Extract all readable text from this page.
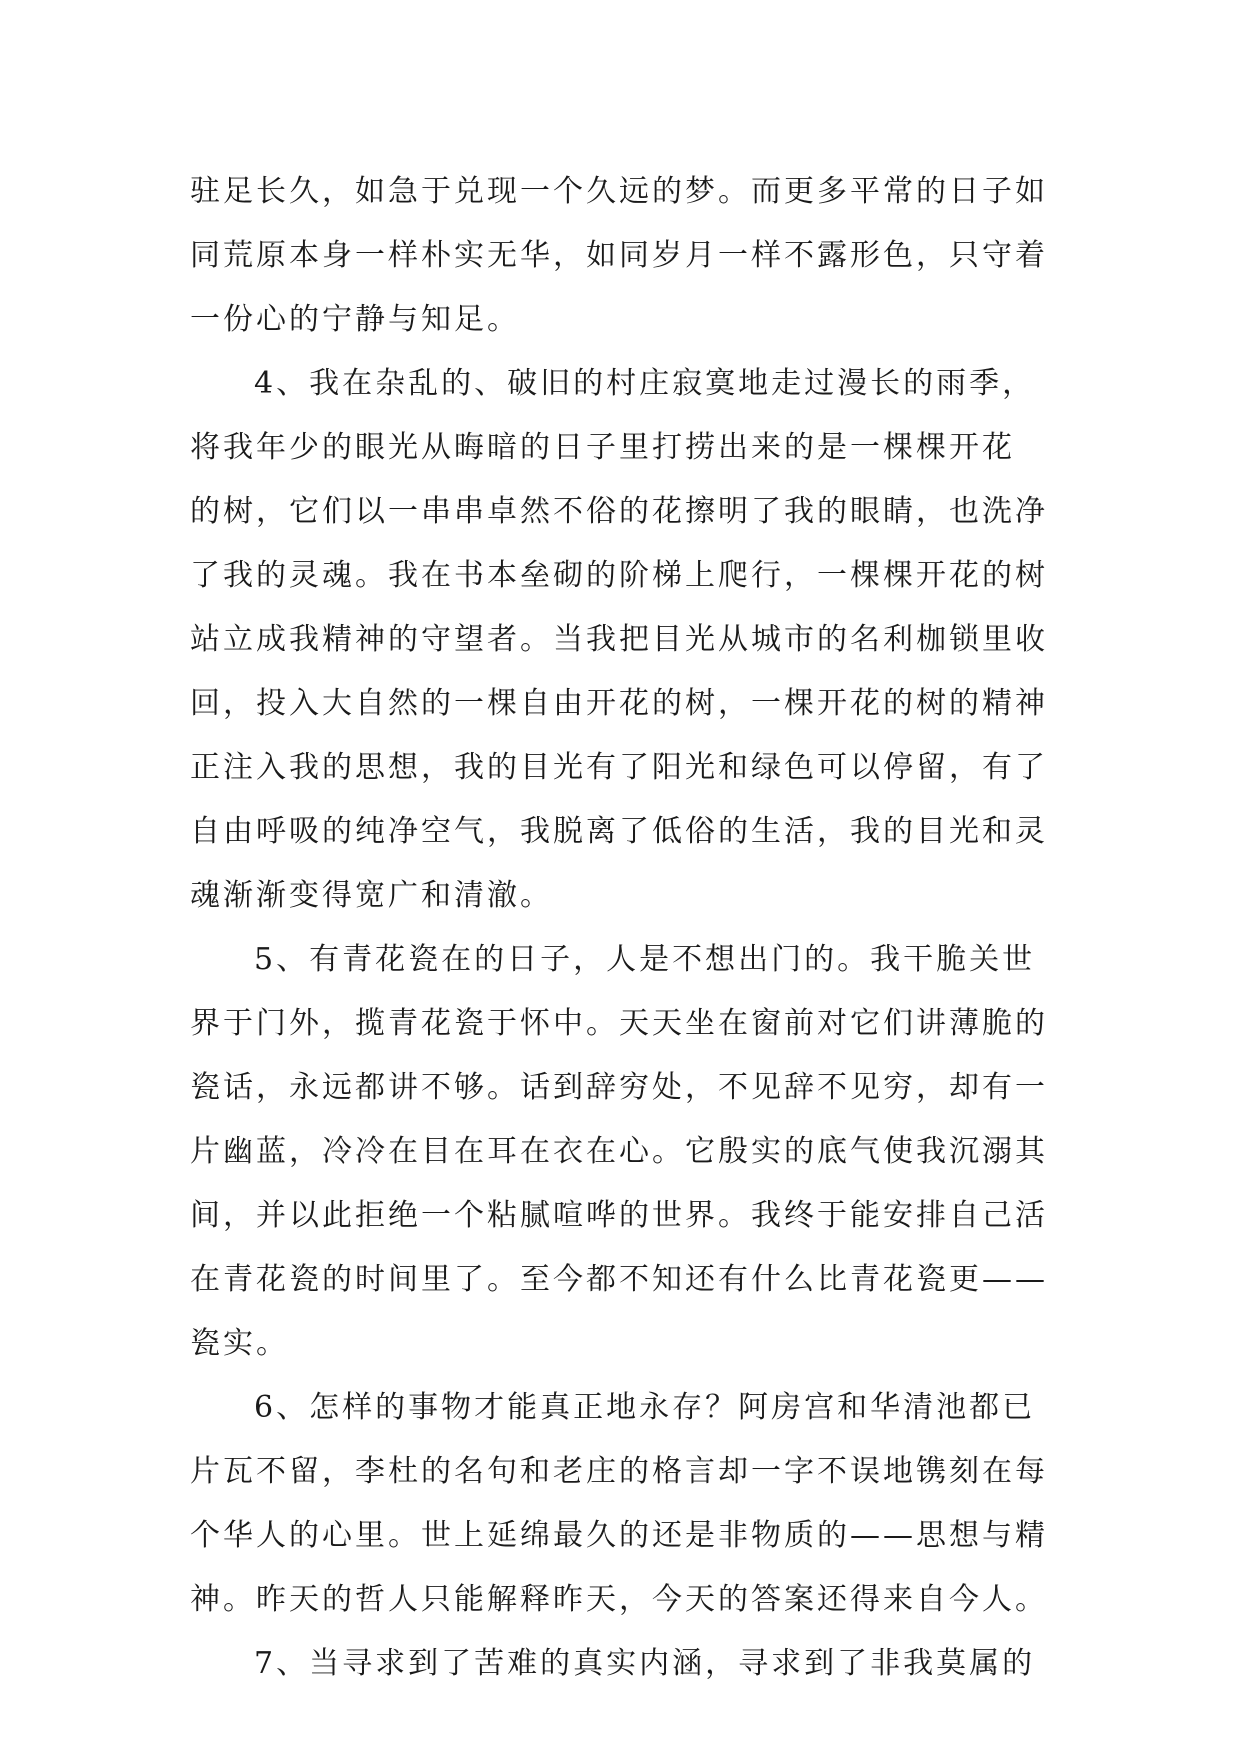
驻足长久，如急于兑现一个久远的梦。而更多平常的日子如
同荒原本身一样朴实无华，如同岁月一样不露形色，只守着
一份心的宁静与知足。
4、我在杂乱的、破旧的村庄寂寞地走过漫长的雨季，
将我年少的眼光从晦暗的日子里打捞出来的是一棵棵开花
的树，它们以一串串卓然不俗的花擦明了我的眼睛，也洗净
了我的灵魂。我在书本垒砌的阶梯上爬行，一棵棵开花的树
站立成我精神的守望者。当我把目光从城市的名利枷锁里收
回，投入大自然的一棵自由开花的树，一棵开花的树的精神
正注入我的思想，我的目光有了阳光和绿色可以停留，有了
自由呼吸的纯净空气，我脱离了低俗的生活，我的目光和灵
魂渐渐变得宽广和清澈。
5、有青花瓷在的日子，人是不想出门的。我干脆关世
界于门外，揽青花瓷于怀中。天天坐在窗前对它们讲薄脆的
瓷话，永远都讲不够。话到辞穷处，不见辞不见穷，却有一
片幽蓝，冷冷在目在耳在衣在心。它殷实的底气使我沉溺其
间，并以此拒绝一个粘腻喧哗的世界。我终于能安排自己活
在青花瓷的时间里了。至今都不知还有什么比青花瓷更——
瓷实。
6、怎样的事物才能真正地永存？阿房宫和华清池都已
片瓦不留，李杜的名句和老庄的格言却一字不误地镌刻在每
个华人的心里。世上延绵最久的还是非物质的——思想与精
神。昨天的哲人只能解释昨天，今天的答案还得来自今人。
7、当寻求到了苦难的真实内涵，寻求到了非我莫属的
